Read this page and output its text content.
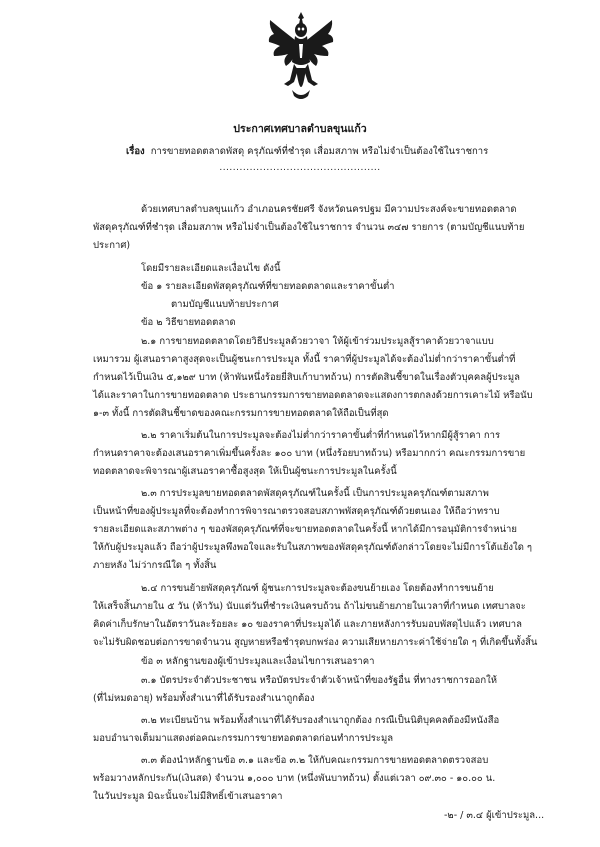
ประกาศเทศบาลตำบลขุนแก้ว
เรื่อง การขายทอดตลาดพัสดุ ครุภัณฑ์ที่ชำรุด เสื่อมสภาพ หรือไม่จำเป็นต้องใช้ในราชการ
................................................
ด้วยเทศบาลตำบลขุนแก้ว อำเภอนครชัยศรี จังหวัดนครปฐม มีความประสงค์จะขายทอดตลาด
พัสดุครุภัณฑ์ที่ชำรุด เสื่อมสภาพ หรือไม่จำเป็นต้องใช้ในราชการ จำนวน ๓๔๗ รายการ (ตามบัญชีแนบท้าย
ประกาศ)
โดยมีรายละเอียดและเงื่อนไข ดังนี้
ข้อ ๑ รายละเอียดพัสดุครุภัณฑ์ที่ขายทอดตลาดและราคาขั้นต่ำ
ตามบัญชีแนบท้ายประกาศ
ข้อ ๒ วิธีขายทอดตลาด
๒.๑ การขายทอดตลาดโดยวิธีประมูลด้วยวาจา ให้ผู้เข้าร่วมประมูลสู้ราคาด้วยวาจาแบบ
เหมารวม ผู้เสนอราคาสูงสุดจะเป็นผู้ชนะการประมูล ทั้งนี้ ราคาที่ผู้ประมูลได้จะต้องไม่ต่ำกว่าราคาขั้นต่ำที่
กำหนดไว้เป็นเงิน ๕,๑๒๙ บาท (ห้าพันหนึ่งร้อยยี่สิบเก้าบาทถ้วน) การตัดสินชี้ขาดในเรื่องตัวบุคคลผู้ประมูล
ได้และราคาในการขายทอดตลาด ประธานกรรมการขายทอดตลาดจะแสดงการตกลงด้วยการเคาะไม้ หรือนับ
๑-๓ ทั้งนี้ การตัดสินชี้ขาดของคณะกรรมการขายทอดตลาดให้ถือเป็นที่สุด
๒.๒ ราคาเริ่มต้นในการประมูลจะต้องไม่ต่ำกว่าราคาขั้นต่ำที่กำหนดไว้หากมีผู้สู้ราคา การ
กำหนดราคาจะต้องเสนอราคาเพิ่มขึ้นครั้งละ ๑๐๐ บาท (หนึ่งร้อยบาทถ้วน) หรือมากกว่า คณะกรรมการขาย
ทอดตลาดจะพิจารณาผู้เสนอราคาซื้อสูงสุด ให้เป็นผู้ชนะการประมูลในครั้งนี้
๒.๓ การประมูลขายทอดตลาดพัสดุครุภัณฑ์ในครั้งนี้ เป็นการประมูลครุภัณฑ์ตามสภาพ
เป็นหน้าที่ของผู้ประมูลที่จะต้องทำการพิจารณาตรวจสอบสภาพพัสดุครุภัณฑ์ด้วยตนเอง ให้ถือว่าทราบ
รายละเอียดและสภาพต่าง ๆ ของพัสดุครุภัณฑ์ที่จะขายทอดตลาดในครั้งนี้ หากได้มีการอนุมัติการจำหน่าย
ให้กับผู้ประมูลแล้ว ถือว่าผู้ประมูลพึงพอใจและรับในสภาพของพัสดุครุภัณฑ์ดังกล่าวโดยจะไม่มีการโต้แย้งใด ๆ
ภายหลัง ไม่ว่ากรณีใด ๆ ทั้งสิ้น
๒.๔ การขนย้ายพัสดุครุภัณฑ์ ผู้ชนะการประมูลจะต้องขนย้ายเอง โดยต้องทำการขนย้าย
ให้เสร็จสิ้นภายใน ๕ วัน (ห้าวัน) นับแต่วันที่ชำระเงินครบถ้วน ถ้าไม่ขนย้ายภายในเวลาที่กำหนด เทศบาลจะ
คิดค่าเก็บรักษาในอัตราวันละร้อยละ ๑๐ ของราคาที่ประมูลได้ และภายหลังการรับมอบพัสดุไปแล้ว เทศบาล
จะไม่รับผิดชอบต่อการขาดจำนวน สูญหายหรือชำรุดบกพร่อง ความเสียหายภาระค่าใช้จ่ายใด ๆ ที่เกิดขึ้นทั้งสิ้น
ข้อ ๓ หลักฐานของผู้เข้าประมูลและเงื่อนไขการเสนอราคา
๓.๑ บัตรประจำตัวประชาชน หรือบัตรประจำตัวเจ้าหน้าที่ของรัฐอื่น ที่ทางราชการออกให้
(ที่ไม่หมดอายุ) พร้อมทั้งสำเนาที่ได้รับรองสำเนาถูกต้อง
๓.๒ ทะเบียนบ้าน พร้อมทั้งสำเนาที่ได้รับรองสำเนาถูกต้อง กรณีเป็นนิติบุคคลต้องมีหนังสือ
มอบอำนาจเต็มมาแสดงต่อคณะกรรมการขายทอดตลาดก่อนทำการประมูล
๓.๓ ต้องนำหลักฐานข้อ ๓.๑ และข้อ ๓.๒ ให้กับคณะกรรมการขายทอดตลาดตรวจสอบ
พร้อมวางหลักประกัน(เงินสด) จำนวน ๑,๐๐๐ บาท (หนึ่งพันบาทถ้วน) ตั้งแต่เวลา ๐๙.๓๐ - ๑๐.๐๐ น.
ในวันประมูล มิฉะนั้นจะไม่มีสิทธิ์เข้าเสนอราคา
-๒- / ๓.๔ ผู้เข้าประมูล...
